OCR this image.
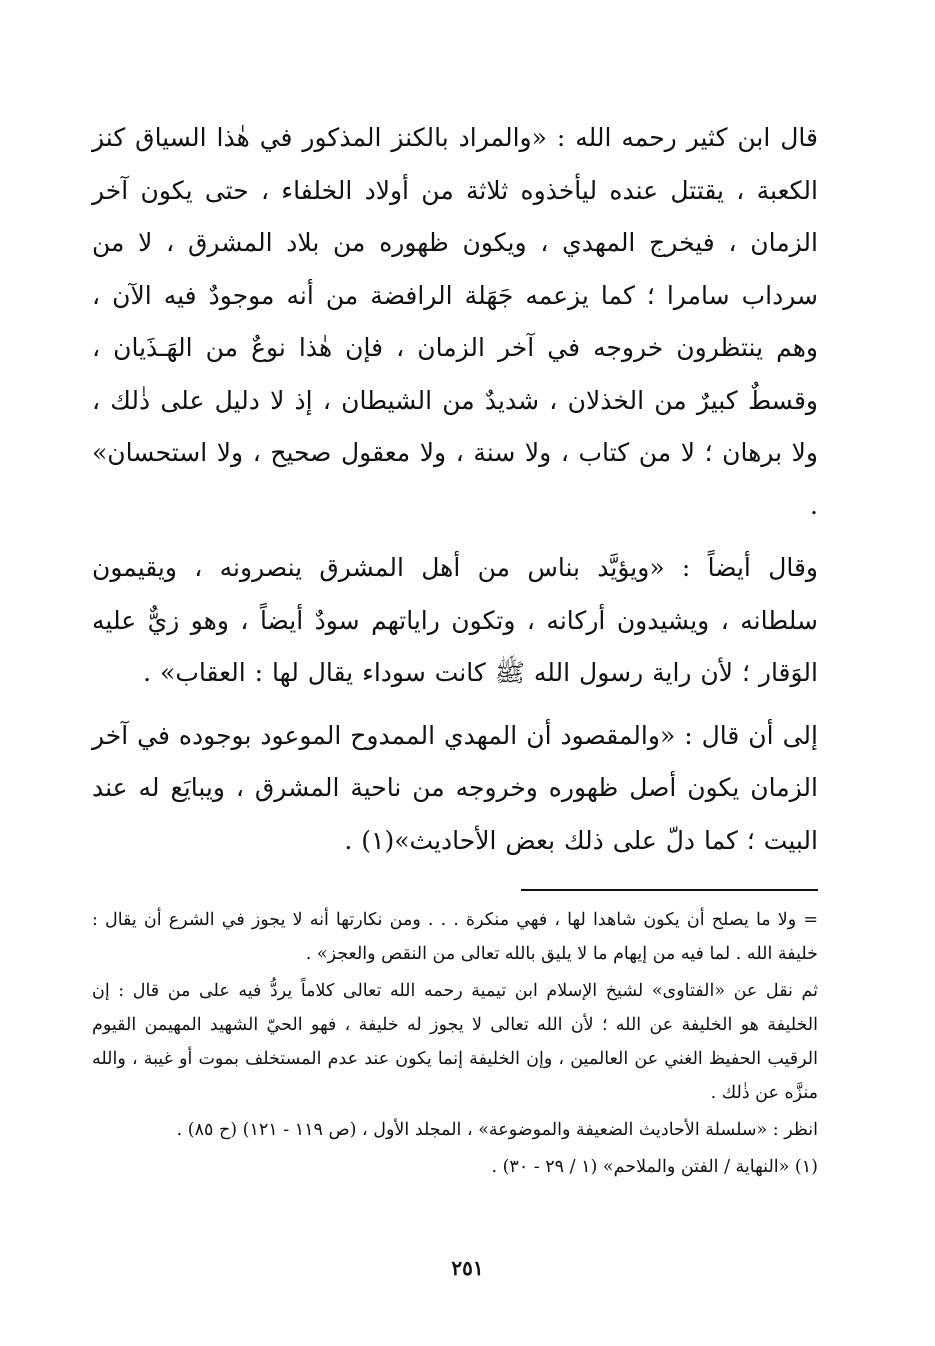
قال ابن كثير رحمه الله : «والمراد بالكنز المذكور في هٰذا السياق كنز الكعبة ، يقتتل عنده ليأخذوه ثلاثة من أولاد الخلفاء ، حتى يكون آخر الزمان ، فيخرج المهدي ، ويكون ظهوره من بلاد المشرق ، لا من سرداب سامرا ؛ كما يزعمه جَهَلة الرافضة من أنه موجودٌ فيه الآن ، وهم ينتظرون خروجه في آخر الزمان ، فإن هٰذا نوعٌ من الهَـذَيان ، وقسطٌ كبيرٌ من الخذلان ، شديدٌ من الشيطان ، إذ لا دليل على ذٰلك ، ولا برهان ؛ لا من كتاب ، ولا سنة ، ولا معقول صحيح ، ولا استحسان» .

وقال أيضاً : «ويؤيَّد بناس من أهل المشرق ينصرونه ، ويقيمون سلطانه ، ويشيدون أركانه ، وتكون راياتهم سودٌ أيضاً ، وهو زيٌّ عليه الوَقار ؛ لأن راية رسول الله ﷺ كانت سوداء يقال لها : العقاب» .

إلى أن قال : «والمقصود أن المهدي الممدوح الموعود بوجوده في آخر الزمان يكون أصل ظهوره وخروجه من ناحية المشرق ، ويبايَع له عند البيت ؛ كما دلّ على ذلك بعض الأحاديث»(١) .

= ولا ما يصلح أن يكون شاهدا لها ، فهي منكرة . . . ومن نكارتها أنه لا يجوز في الشرع أن يقال : خليفة الله . لما فيه من إيهام ما لا يليق بالله تعالى من النقص والعجز» .

ثم نقل عن «الفتاوى» لشيخ الإسلام ابن تيمية رحمه الله تعالى كلاماً يردُّ فيه على من قال : إن الخليفة هو الخليفة عن الله ؛ لأن الله تعالى لا يجوز له خليفة ، فهو الحيّ الشهيد المهيمن القيوم الرقيب الحفيظ الغني عن العالمين ، وإن الخليفة إنما يكون عند عدم المستخلف بموت أو غيبة ، والله منزَّه عن ذٰلك .

انظر : «سلسلة الأحاديث الضعيفة والموضوعة» ، المجلد الأول ، (ص ١١٩ - ١٢١) (ح ٨٥) .

(١) «النهاية / الفتن والملاحم» (١ / ٢٩ - ٣٠) .

٢٥١
